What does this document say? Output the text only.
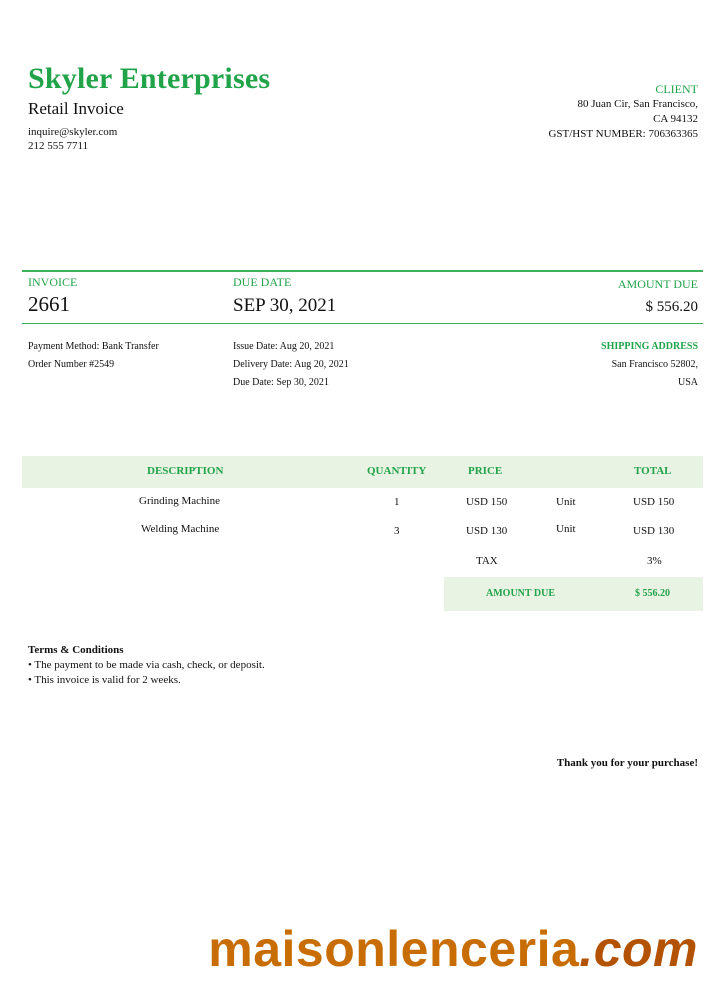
Skyler Enterprises
Retail Invoice
inquire@skyler.com
212 555 7711
CLIENT
80 Juan Cir, San Francisco,
CA 94132
GST/HST NUMBER: 706363365
INVOICE
2661
DUE DATE
SEP 30, 2021
AMOUNT DUE
$ 556.20
Payment Method: Bank Transfer
Order Number #2549
Issue Date: Aug 20, 2021
Delivery Date: Aug 20, 2021
Due Date: Sep 30, 2021
SHIPPING ADDRESS
San Francisco 52802,
USA
DESCRIPTION	QUANTITY	PRICE	TOTAL
Grinding Machine	1	USD 150	Unit	USD 150
Welding Machine	3	USD 130	Unit	USD 130
TAX	3%
AMOUNT DUE	$ 556.20
Terms & Conditions
• The payment to be made via cash, check, or deposit.
• This invoice is valid for 2 weeks.
Thank you for your purchase!
maisonlenceria.com
